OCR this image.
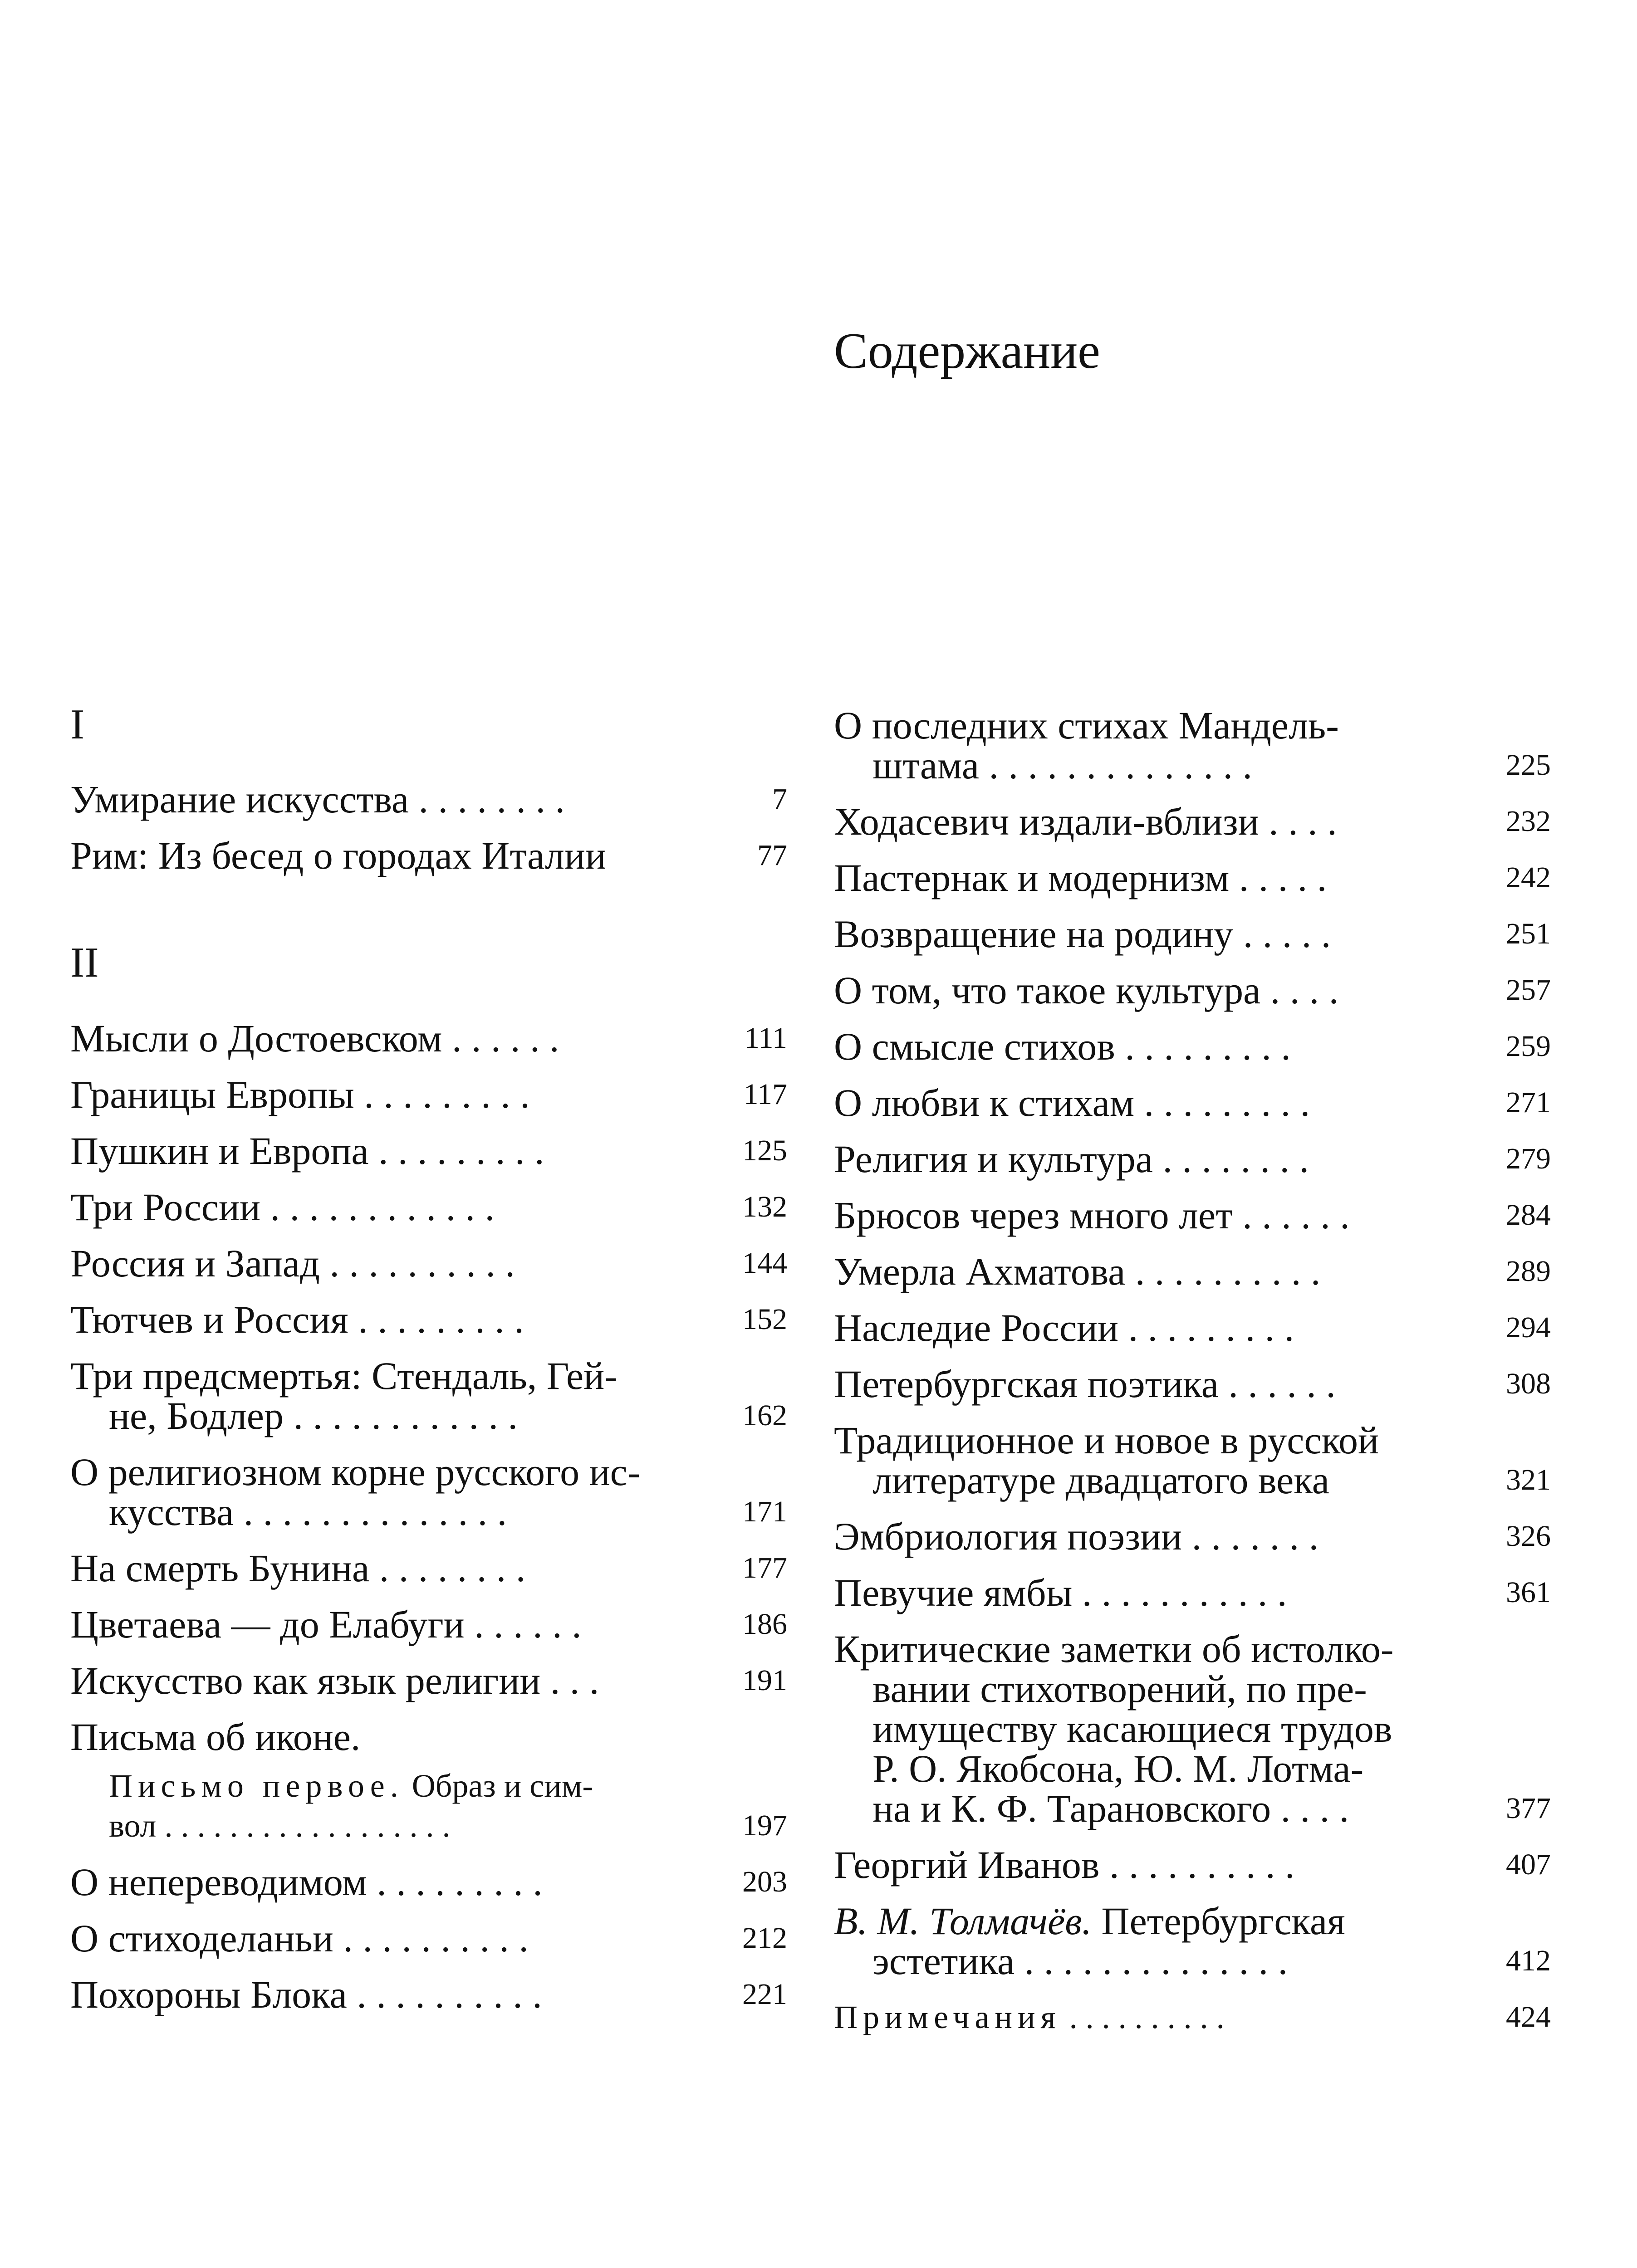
Содержание
I
Умирание искусства . . . . . . . .	7
Рим: Из бесед о городах Италии	77
II
Мысли о Достоевском . . . . . .	111
Границы Европы . . . . . . . . .	117
Пушкин и Европа . . . . . . . . .	125
Три России . . . . . . . . . . . .	132
Россия и Запад . . . . . . . . . .	144
Тютчев и Россия . . . . . . . . .	152
Три предсмертья: Стендаль, Гей-
не, Бодлер . . . . . . . . . . . .	162
О религиозном корне русского ис-
кусства . . . . . . . . . . . . . .	171
На смерть Бунина . . . . . . . .	177
Цветаева — до Елабуги . . . . . .	186
Искусство как язык религии . . .	191
Письма об иконе.
Письмо первое. Образ и сим-
вол . . . . . . . . . . . . . . . . . .	197
О непереводимом . . . . . . . . .	203
О стиходеланьи . . . . . . . . . .	212
Похороны Блока . . . . . . . . . .	221
О последних стихах Мандель-
штама . . . . . . . . . . . . . .	225
Ходасевич издали-вблизи . . . .	232
Пастернак и модернизм . . . . .	242
Возвращение на родину . . . . .	251
О том, что такое культура . . . .	257
О смысле стихов . . . . . . . . .	259
О любви к стихам . . . . . . . . .	271
Религия и культура . . . . . . . .	279
Брюсов через много лет . . . . . .	284
Умерла Ахматова . . . . . . . . . .	289
Наследие России . . . . . . . . .	294
Петербургская поэтика . . . . . .	308
Традиционное и новое в русской
литературе двадцатого века	321
Эмбриология поэзии . . . . . . .	326
Певучие ямбы . . . . . . . . . . .	361
Критические заметки об истолко-
вании стихотворений, по пре-
имуществу касающиеся трудов
Р. О. Якобсона, Ю. М. Лотма-
на и К. Ф. Тарановского . . . .	377
Георгий Иванов . . . . . . . . . .	407
В. М. Толмачёв. Петербургская
эстетика . . . . . . . . . . . . . .	412
Примечания . . . . . . . . . .	424
